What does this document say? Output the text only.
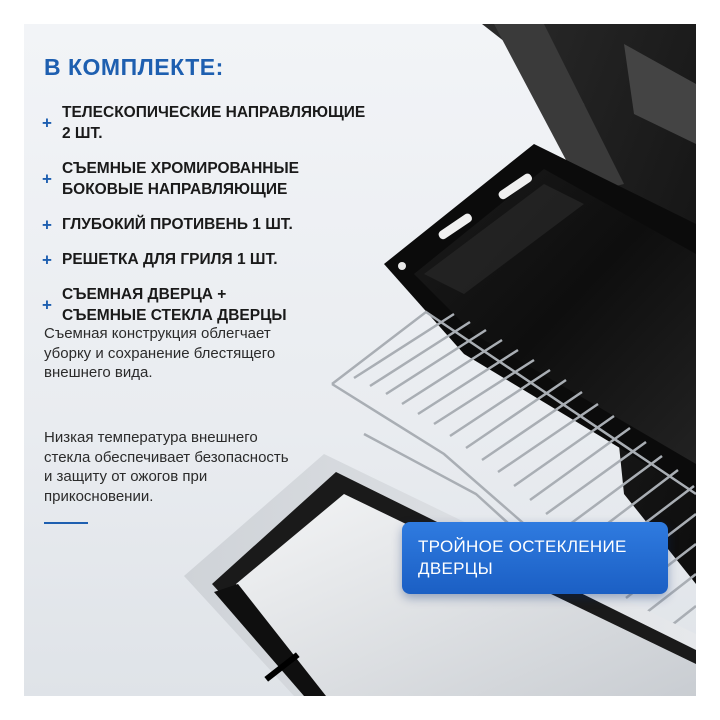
В КОМПЛЕКТЕ:
+
ТЕЛЕСКОПИЧЕСКИЕ НАПРАВЛЯЮЩИЕ 2 ШТ.
+
СЪЕМНЫЕ ХРОМИРОВАННЫЕ
БОКОВЫЕ НАПРАВЛЯЮЩИЕ
+ ГЛУБОКИЙ ПРОТИВЕНЬ 1 ШТ.
+ РЕШЕТКА ДЛЯ ГРИЛЯ 1 ШТ.
+
СЪЕМНАЯ ДВЕРЦА +
СЪЕМНЫЕ СТЕКЛА ДВЕРЦЫ

Съемная конструкция облегчает
уборку и сохранение блестящего
внешнего вида.

Низкая температура внешнего
стекла обеспечивает безопасность
и защиту от ожогов при
прикосновении.

ТРОЙНОЕ ОСТЕКЛЕНИЕ
ДВЕРЦЫ
